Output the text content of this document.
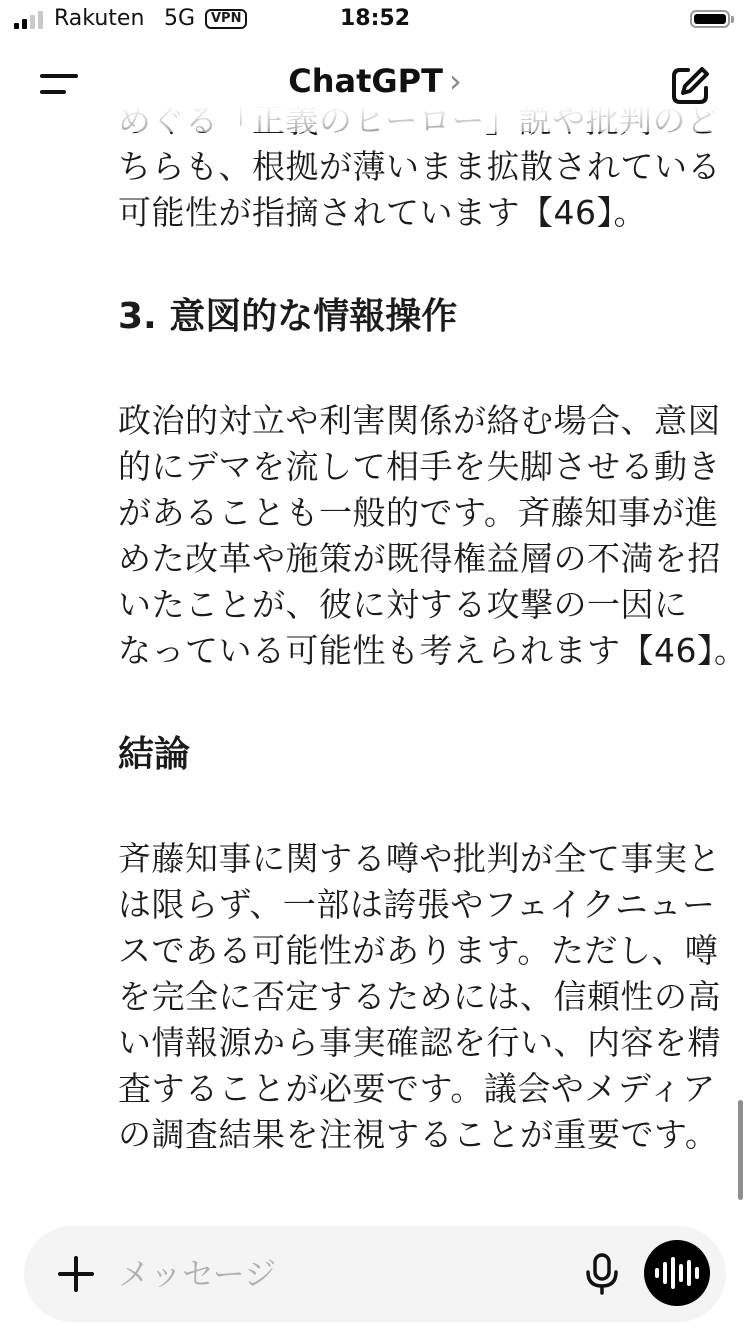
ちらも、根拠が薄いまま拡散されている
可能性が指摘されています【46】。

3. 意図的な情報操作

政治的対立や利害関係が絡む場合、意図
的にデマを流して相手を失脚させる動き
があることも一般的です。斉藤知事が進
めた改革や施策が既得権益層の不満を招
いたことが、彼に対する攻撃の一因に
なっている可能性も考えられます【46】。

結論

斉藤知事に関する噂や批判が全て事実と
は限らず、一部は誇張やフェイクニュー
スである可能性があります。ただし、噂
を完全に否定するためには、信頼性の高
い情報源から事実確認を行い、内容を精
査することが必要です。議会やメディア
の調査結果を注視することが重要です。

Rakuten 5G	VPN	18:52
ChatGPT ›
メッセージ
